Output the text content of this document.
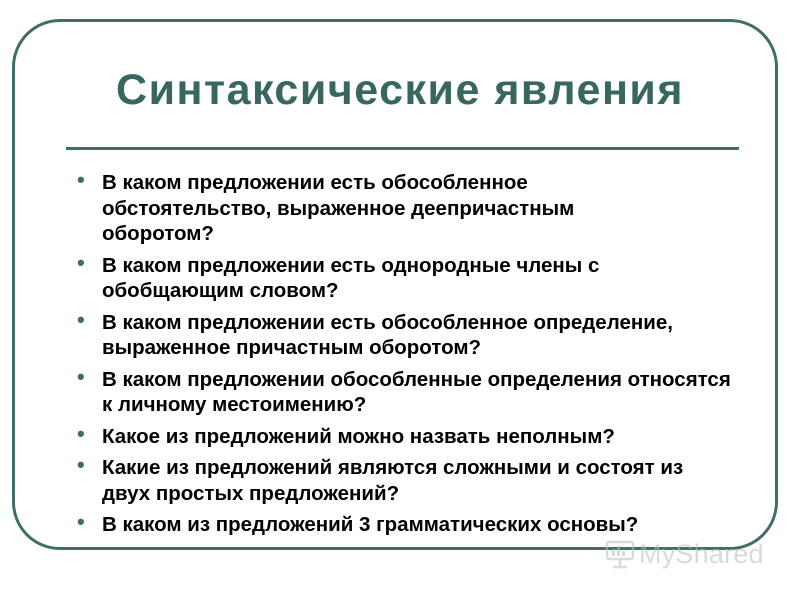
Синтаксические явления
• В каком предложении есть обособленное обстоятельство, выраженное деепричастным оборотом?
• В каком предложении есть однородные члены с обобщающим словом?
• В каком предложении есть обособленное определение, выраженное причастным оборотом?
• В каком предложении обособленные определения относятся к личному местоимению?
• Какое из предложений можно назвать неполным?
• Какие из предложений являются сложными и состоят из двух простых предложений?
• В каком из предложений 3 грамматических основы?
MyShared
